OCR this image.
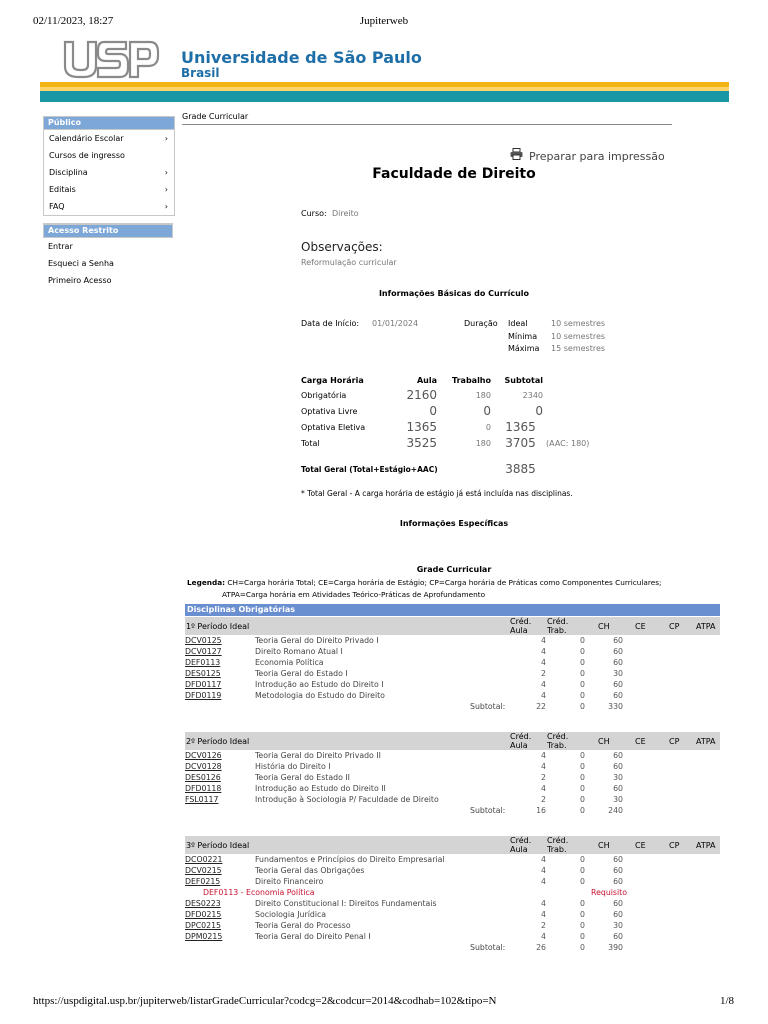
02/11/2023, 18:27	Jupiterweb
Universidade de São Paulo
Brasil
Público
Calendário Escolar	›
Cursos de ingresso
Disciplina	›
Editais	›
FAQ	›
Acesso Restrito
Entrar
Esqueci a Senha
Primeiro Acesso
Grade Curricular
Preparar para impressão
Faculdade de Direito
Curso: Direito
Observações:
Reformulação curricular
Informações Básicas do Currículo
Data de Início: 01/01/2024	Duração Ideal	10 semestres
Mínima 10 semestres
Máxima 15 semestres
Carga Horária	Aula	Trabalho	Subtotal
Obrigatória	2160	180	2340
Optativa Livre	0	0	0
Optativa Eletiva	1365	0	1365
Total	3525	180	3705	(AAC: 180)
Total Geral (Total+Estágio+AAC)	3885
* Total Geral - A carga horária de estágio já está incluída nas disciplinas.
Informações Específicas
Grade Curricular
Legenda: CH=Carga horária Total; CE=Carga horária de Estágio; CP=Carga horária de Práticas como Componentes Curriculares;
ATPA=Carga horária em Atividades Teórico-Práticas de Aprofundamento
Disciplinas Obrigatórias
1º Período Ideal
Créd.
Aula
Créd.
Trab.	CH	CE	CP ATPA
DCV0125	Teoria Geral do Direito Privado I	4	0	60
DCV0127	Direito Romano Atual I	4	0	60
DEF0113	Economia Política	4	0	60
DES0125	Teoria Geral do Estado I	2	0	30
DFD0117	Introdução ao Estudo do Direito I	4	0	60
DFD0119	Metodologia do Estudo do Direito	4	0	60
Subtotal:	22	0	330
2º Período Ideal
Créd.
Aula
Créd.
Trab.	CH	CE	CP ATPA
DCV0126	Teoria Geral do Direito Privado II	4	0	60
DCV0128	História do Direito I	4	0	60
DES0126	Teoria Geral do Estado II	2	0	30
DFD0118	Introdução ao Estudo do Direito II	4	0	60
FSL0117	Introdução à Sociologia P/ Faculdade de Direito	2	0	30
Subtotal:	16	0	240
3º Período Ideal
Créd.
Aula
Créd.
Trab.	CH	CE	CP ATPA
DCO0221	Fundamentos e Princípios do Direito Empresarial	4	0	60
DCV0215	Teoria Geral das Obrigações	4	0	60
DEF0215	Direito Financeiro	4	0	60
DEF0113 - Economia Política	Requisito
DES0223	Direito Constitucional I: Direitos Fundamentais	4	0	60
DFD0215	Sociologia Jurídica	4	0	60
DPC0215	Teoria Geral do Processo	2	0	30
DPM0215	Teoria Geral do Direito Penal I	4	0	60
Subtotal:	26	0	390
https://uspdigital.usp.br/jupiterweb/listarGradeCurricular?codcg=2&codcur=2014&codhab=102&tipo=N	1/8
